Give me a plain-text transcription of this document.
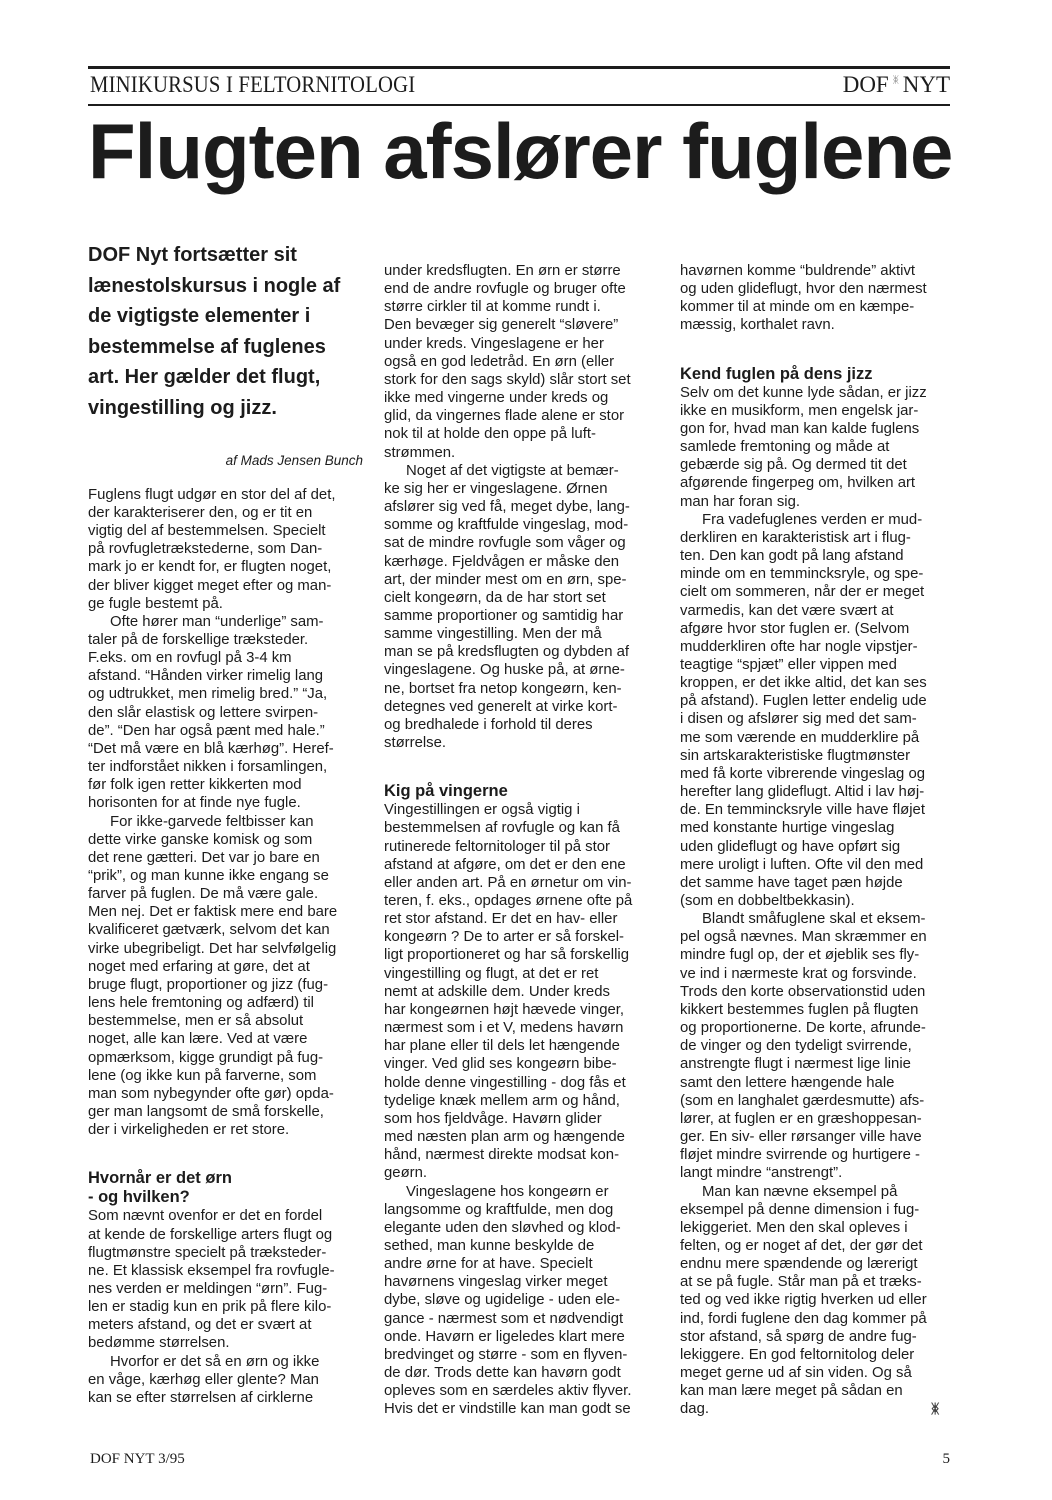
MINIKURSUS I FELTORNITOLOGI	DOF $^ᛤ$ NYT
Flugten afslører fuglene
DOF Nyt fortsætter sit
lænestolskursus i nogle af
de vigtigste elementer i
bestemmelse af fuglenes
art. Her gælder det flugt,
vingestilling og jizz.
af Mads Jensen Bunch
Fuglens flugt udgør en stor del af det,
der karakteriserer den, og er tit en
vigtig del af bestemmelsen. Specielt
på rovfugletrækstederne, som Dan-
mark jo er kendt for, er flugten noget,
der bliver kigget meget efter og man-
ge fugle bestemt på.
Ofte hører man “underlige” sam-
taler på de forskellige træksteder.
F.eks. om en rovfugl på 3-4 km
afstand. “Hånden virker rimelig lang
og udtrukket, men rimelig bred.” “Ja,
den slår elastisk og lettere svirpen-
de”. “Den har også pænt med hale.”
“Det må være en blå kærhøg”. Heref-
ter indforstået nikken i forsamlingen,
før folk igen retter kikkerten mod
horisonten for at finde nye fugle.
For ikke-garvede feltbisser kan
dette virke ganske komisk og som
det rene gætteri. Det var jo bare en
“prik”, og man kunne ikke engang se
farver på fuglen. De må være gale.
Men nej. Det er faktisk mere end bare
kvalificeret gætværk, selvom det kan
virke ubegribeligt. Det har selvfølgelig
noget med erfaring at gøre, det at
bruge flugt, proportioner og jizz (fug-
lens hele fremtoning og adfærd) til
bestemmelse, men er så absolut
noget, alle kan lære. Ved at være
opmærksom, kigge grundigt på fug-
lene (og ikke kun på farverne, som
man som nybegynder ofte gør) opda-
ger man langsomt de små forskelle,
der i virkeligheden er ret store.
Hvornår er det ørn
- og hvilken?
Som nævnt ovenfor er det en fordel
at kende de forskellige arters flugt og
flugtmønstre specielt på træksteder-
ne. Et klassisk eksempel fra rovfugle-
nes verden er meldingen “ørn”. Fug-
len er stadig kun en prik på flere kilo-
meters afstand, og det er svært at
bedømme størrelsen.
Hvorfor er det så en ørn og ikke
en våge, kærhøg eller glente? Man
kan se efter størrelsen af cirklerne
under kredsflugten. En ørn er større
end de andre rovfugle og bruger ofte
større cirkler til at komme rundt i.
Den bevæger sig generelt “sløvere”
under kreds. Vingeslagene er her
også en god ledetråd. En ørn (eller
stork for den sags skyld) slår stort set
ikke med vingerne under kreds og
glid, da vingernes flade alene er stor
nok til at holde den oppe på luft-
strømmen.
Noget af det vigtigste at bemær-
ke sig her er vingeslagene. Ørnen
afslører sig ved få, meget dybe, lang-
somme og kraftfulde vingeslag, mod-
sat de mindre rovfugle som våger og
kærhøge. Fjeldvågen er måske den
art, der minder mest om en ørn, spe-
cielt kongeørn, da de har stort set
samme proportioner og samtidig har
samme vingestilling. Men der må
man se på kredsflugten og dybden af
vingeslagene. Og huske på, at ørne-
ne, bortset fra netop kongeørn, ken-
detegnes ved generelt at virke kort-
og bredhalede i forhold til deres
størrelse.
Kig på vingerne
Vingestillingen er også vigtig i
bestemmelsen af rovfugle og kan få
rutinerede feltornitologer til på stor
afstand at afgøre, om det er den ene
eller anden art. På en ørnetur om vin-
teren, f. eks., opdages ørnene ofte på
ret stor afstand. Er det en hav- eller
kongeørn ? De to arter er så forskel-
ligt proportioneret og har så forskellig
vingestilling og flugt, at det er ret
nemt at adskille dem. Under kreds
har kongeørnen højt hævede vinger,
nærmest som i et V, medens havørn
har plane eller til dels let hængende
vinger. Ved glid ses kongeørn bibe-
holde denne vingestilling - dog fås et
tydelige knæk mellem arm og hånd,
som hos fjeldvåge. Havørn glider
med næsten plan arm og hængende
hånd, nærmest direkte modsat kon-
geørn.
Vingeslagene hos kongeørn er
langsomme og kraftfulde, men dog
elegante uden den sløvhed og klod-
sethed, man kunne beskylde de
andre ørne for at have. Specielt
havørnens vingeslag virker meget
dybe, sløve og ugidelige - uden ele-
gance - nærmest som et nødvendigt
onde. Havørn er ligeledes klart mere
bredvinget og større - som en flyven-
de dør. Trods dette kan havørn godt
opleves som en særdeles aktiv flyver.
Hvis det er vindstille kan man godt se
havørnen komme “buldrende” aktivt
og uden glideflugt, hvor den nærmest
kommer til at minde om en kæmpe-
mæssig, korthalet ravn.
Kend fuglen på dens jizz
Selv om det kunne lyde sådan, er jizz
ikke en musikform, men engelsk jar-
gon for, hvad man kan kalde fuglens
samlede fremtoning og måde at
gebærde sig på. Og dermed tit det
afgørende fingerpeg om, hvilken art
man har foran sig.
Fra vadefuglenes verden er mud-
derkliren en karakteristisk art i flug-
ten. Den kan godt på lang afstand
minde om en temmincksryle, og spe-
cielt om sommeren, når der er meget
varmedis, kan det være svært at
afgøre hvor stor fuglen er. (Selvom
mudderkliren ofte har nogle vipstjer-
teagtige “spjæt” eller vippen med
kroppen, er det ikke altid, det kan ses
på afstand). Fuglen letter endelig ude
i disen og afslører sig med det sam-
me som værende en mudderklire på
sin artskarakteristiske flugtmønster
med få korte vibrerende vingeslag og
herefter lang glideflugt. Altid i lav høj-
de. En temmincksryle ville have fløjet
med konstante hurtige vingeslag
uden glideflugt og have opført sig
mere uroligt i luften. Ofte vil den med
det samme have taget pæn højde
(som en dobbeltbekkasin).
Blandt småfuglene skal et eksem-
pel også nævnes. Man skræmmer en
mindre fugl op, der et øjeblik ses fly-
ve ind i nærmeste krat og forsvinde.
Trods den korte observationstid uden
kikkert bestemmes fuglen på flugten
og proportionerne. De korte, afrunde-
de vinger og den tydeligt svirrende,
anstrengte flugt i nærmest lige linie
samt den lettere hængende hale
(som en langhalet gærdesmutte) afs-
lører, at fuglen er en græshoppesan-
ger. En siv- eller rørsanger ville have
fløjet mindre svirrende og hurtigere -
langt mindre “anstrengt”.
Man kan nævne eksempel på
eksempel på denne dimension i fug-
lekiggeriet. Men den skal opleves i
felten, og er noget af det, der gør det
endnu mere spændende og lærerigt
at se på fugle. Står man på et træks-
ted og ved ikke rigtig hverken ud eller
ind, fordi fuglene den dag kommer på
stor afstand, så spørg de andre fug-
lekiggere. En god feltornitolog deler
meget gerne ud af sin viden. Og så
kan man lære meget på sådan en
dag.	ᛤ
DOF NYT 3/95	5
